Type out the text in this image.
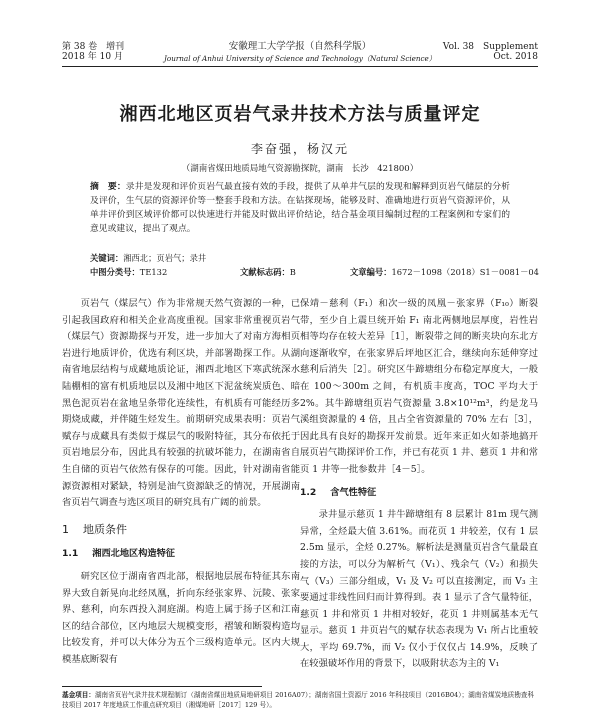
第 38 卷　增刊
2018 年 10 月
安徽理工大学学报（自然科学版）
Journal of Anhui University of Science and Technology（Natural Science）
Vol. 38　Supplement
Oct. 2018
湘西北地区页岩气录井技术方法与质量评定
李奋强，杨汉元
（湖南省煤田地质局地气资源勘探院，湖南　长沙　421800）
摘　要：录井是发现和评价页岩气最直接有效的手段，提供了从单井气层的发现和解释到页岩气储层的分析及评价，生气层的资源评价等一整套手段和方法。在钻探现场，能够及时、准确地进行页岩气资源评价，从单井评价到区域评价都可以快速进行并能及时做出评价结论，结合基金项目编制过程的工程案例和专家们的意见或建议，提出了观点。
关键词：湘西北；页岩气；录井
中图分类号：TE132	文献标志码：B	文章编号：1672－1098（2018）S1－0081－04

页岩气（煤层气）作为非常规天然气资源的一种，已引起我国政府和相关企业高度重视。国家非常重视页岩气（煤层气）资源勘探与开发，进一步加大了对南方海相页岩进行地质评价，优选有利区块，并部署勘探工作。从湖南省地层结构与成藏地质论证，湘西北地区下寒武统深水陆棚相的富有机质地层以及湘中地区下泥盆统炭质色、暗黑色泥页岩在盆地呈条带化连续性，有机质有可能经历多期烧成藏，并伴随生烃发生。前期研究成果表明：页岩气赋存与成藏具有类似于煤层气的吸附特征，其分布依托于页岩地层分布，因此具有较强的抗破坏能力，在湖南省自生自储的页岩气依然有保存的可能。因此，针对湖南省能源资源相对紧缺，特别是油气资源缺乏的情况，开展湖南省页岩气调查与选区项目的研究具有广阔的前景。

1 地质条件
1.1 湘西北地区构造特征

研究区位于湖南省西北部，根据地层展布特征其东南界大致自新晃向北经凤凰，折向东经张家界、沅陵、张家界、慈利，向东西投入洞庭湖。构造上属于扬子区和江南区的结合部位，区内地层大规模变形，褶皱和断裂构造均比较发育，并可以大体分为五个三级构造单元。区内大规模基底断裂有

保靖－慈利（F₁）和次一级的凤凰－张家界（F₁₀）断裂带，至少自上震旦统开始 F₁ 南北两侧地层厚度，岩性岩相等均存在较大差异［1］，断裂带之间的断夹块向东北方向逐渐收窄，在张家界后坪地区汇合，继续向东延伸穿过慈利后消失［2］。研究区牛蹄塘组分布稳定厚度大，一般在 100～300m 之间，有机质丰度高，TOC 平均大于 2%。其牛蹄塘组页岩气资源量 3.8×10¹²m³，约是龙马溪组资源量的 4 倍，且占全省资源量的 70% 左右［3］，因此具有良好的勘探开发前景。近年来正如火如荼地搞开展页岩气勘探评价工作，并已有花页 1 井、慈页 1 井和常页 1 井等一批参数井［4－5］。

1.2 含气性特征

录井显示慈页 1 井牛蹄塘组有 8 层累计 81m 现气测异常，全烃最大值 3.61%。而花页 1 井较差，仅有 1 层 2.5m 显示，全烃 0.27%。解析法是测量页岩含气量最直接的方法，可以分为解析气（V₁）、残余气（V₂）和损失气（V₃）三部分组成，V₁ 及 V₂ 可以直接测定，而 V₃ 主要通过非线性回归而计算得到。表 1 显示了含气量特征，慈页 1 井和常页 1 井相对较好，花页 1 井则属基本无气显示。慈页 1 井页岩气的赋存状态表现为 V₁ 所占比重较大，平均 69.7%，而 V₂ 仅小于仅仅占 14.9%，反映了在较强破坏作用的背景下，以吸附状态为主的 V₁

基金项目：湖南省页岩气录井技术规程制订（湖南省煤田地质局地研项目 2016A07）；湖南省国土资源厅 2016 年科技项目（2016B04）；湖南省煤炭地质勘查科技项目 2017 年度地质工作重点研究项目（湘煤地研［2017］129 号）。
